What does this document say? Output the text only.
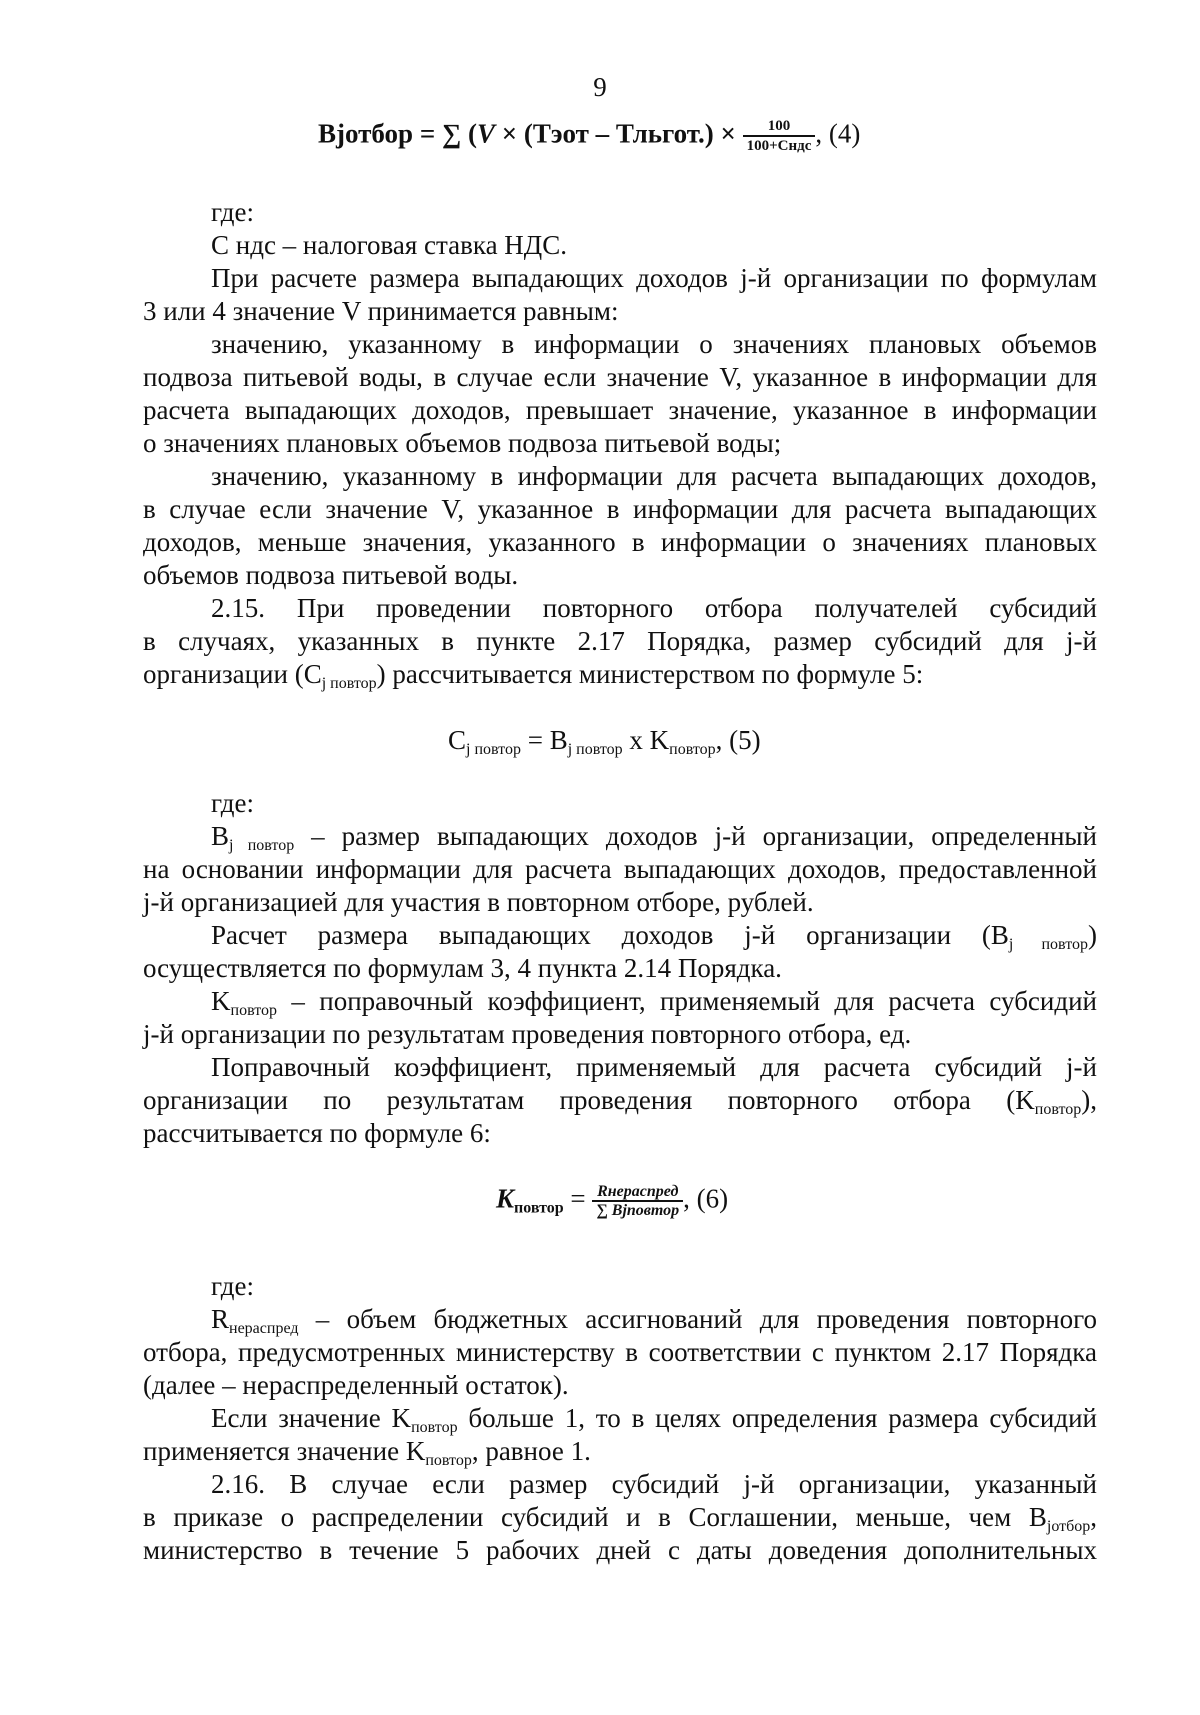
9
Bjотбор = ∑ (V × (Тэот – Тльгот.) × $\frac{100}{\text{100+Cндс}}$ , (4)
где:
С ндс – налоговая ставка НДС.
При расчете размера выпадающих доходов j-й организации по формулам
3 или 4 значение V принимается равным:
значению, указанному в информации о значениях плановых объемов
подвоза питьевой воды, в случае если значение V, указанное в информации для
расчета выпадающих доходов, превышает значение, указанное в информации
о значениях плановых объемов подвоза питьевой воды;
значению, указанному в информации для расчета выпадающих доходов,
в случае если значение V, указанное в информации для расчета выпадающих
доходов, меньше значения, указанного в информации о значениях плановых
объемов подвоза питьевой воды.
2.15. При проведении повторного отбора получателей субсидий
в случаях, указанных в пункте 2.17 Порядка, размер субсидий для j-й
организации $(C_{j повтор})$ рассчитывается министерством по формуле 5:
$C_{j повтор} = B_{j повтор}$ x $K_{повтор}$, (5)
где:
$B_{j повтор}$ – размер выпадающих доходов j-й организации, определенный
на основании информации для расчета выпадающих доходов, предоставленной
j-й организацией для участия в повторном отборе, рублей.
Расчет размера выпадающих доходов j-й организации $(B_{j повтор})$
осуществляется по формулам 3, 4 пункта 2.14 Порядка.
$K_{повтор}$ – поправочный коэффициент, применяемый для расчета субсидий
j-й организации по результатам проведения повторного отбора, ед.
Поправочный коэффициент, применяемый для расчета субсидий j-й
организации по результатам проведения повторного отбора $(K_{повтор})$,
рассчитывается по формуле 6:
$K_{повтор} = \frac{\text{Rнераспред}}{\text{∑ Bjповтор}}$ , (6)
где:
$R_{нераспред}$ – объем бюджетных ассигнований для проведения повторного
отбора, предусмотренных министерству в соответствии с пунктом 2.17 Порядка
(далее – нераспределенный остаток).
Если значение $K_{повтор}$ больше 1, то в целях определения размера субсидий
применяется значение $K_{повтор}$, равное 1.
2.16. В случае если размер субсидий j-й организации, указанный
в приказе о распределении субсидий и в Соглашении, меньше, чем $B_{jотбор}$,
министерство в течение 5 рабочих дней с даты доведения дополнительных
